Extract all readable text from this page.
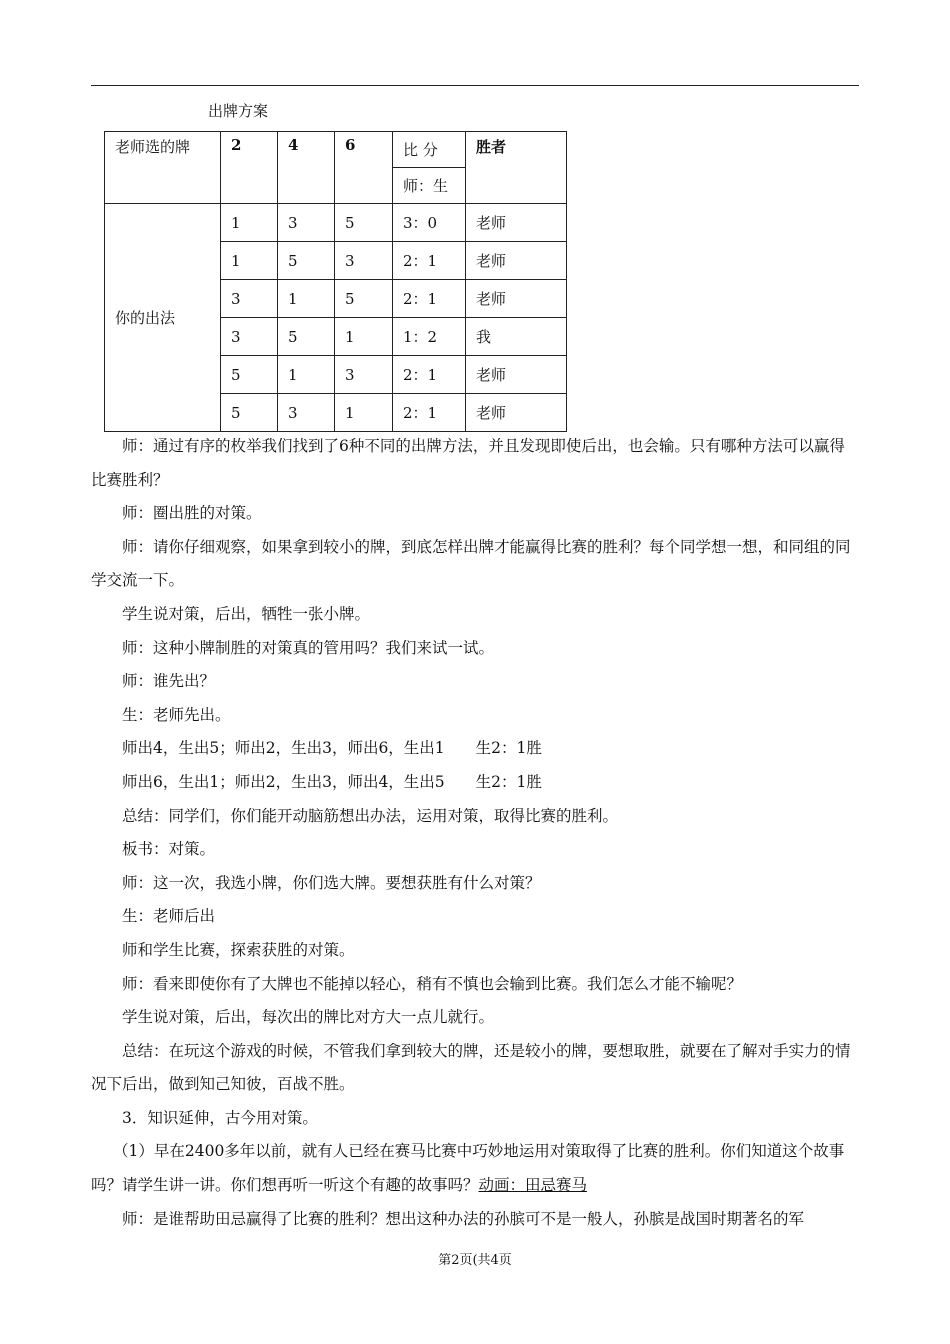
出牌方案
老师选的牌	2	4	6	比 分	胜者
				师：生	
你的出法	1	3	5	3：0	老师
	1	5	3	2：1	老师
	3	1	5	2：1	老师
	3	5	1	1：2	我
	5	1	3	2：1	老师
	5	3	1	2：1	老师

师：通过有序的枚举我们找到了6种不同的出牌方法，并且发现即使后出，也会输。只有哪种方法可以赢得比赛胜利？

师：圈出胜的对策。

师：请你仔细观察，如果拿到较小的牌，到底怎样出牌才能赢得比赛的胜利？每个同学想一想，和同组的同学交流一下。

学生说对策，后出，牺牲一张小牌。

师：这种小牌制胜的对策真的管用吗？我们来试一试。

师：谁先出？

生：老师先出。

师出4，生出5；师出2，生出3，师出6，生出1　　生2：1胜

师出6，生出1；师出2，生出3，师出4，生出5　　生2：1胜

总结：同学们，你们能开动脑筋想出办法，运用对策，取得比赛的胜利。

板书：对策。

师：这一次，我选小牌，你们选大牌。要想获胜有什么对策？

生：老师后出

师和学生比赛，探索获胜的对策。

师：看来即使你有了大牌也不能掉以轻心，稍有不慎也会输到比赛。我们怎么才能不输呢？

学生说对策，后出，每次出的牌比对方大一点儿就行。

总结：在玩这个游戏的时候，不管我们拿到较大的牌，还是较小的牌，要想取胜，就要在了解对手实力的情况下后出，做到知己知彼，百战不胜。

3．知识延伸，古今用对策。

（1）早在2400多年以前，就有人已经在赛马比赛中巧妙地运用对策取得了比赛的胜利。你们知道这个故事吗？请学生讲一讲。你们想再听一听这个有趣的故事吗？动画：田忌赛马

师：是谁帮助田忌赢得了比赛的胜利？想出这种办法的孙膑可不是一般人，孙膑是战国时期著名的军

第2页(共4页
